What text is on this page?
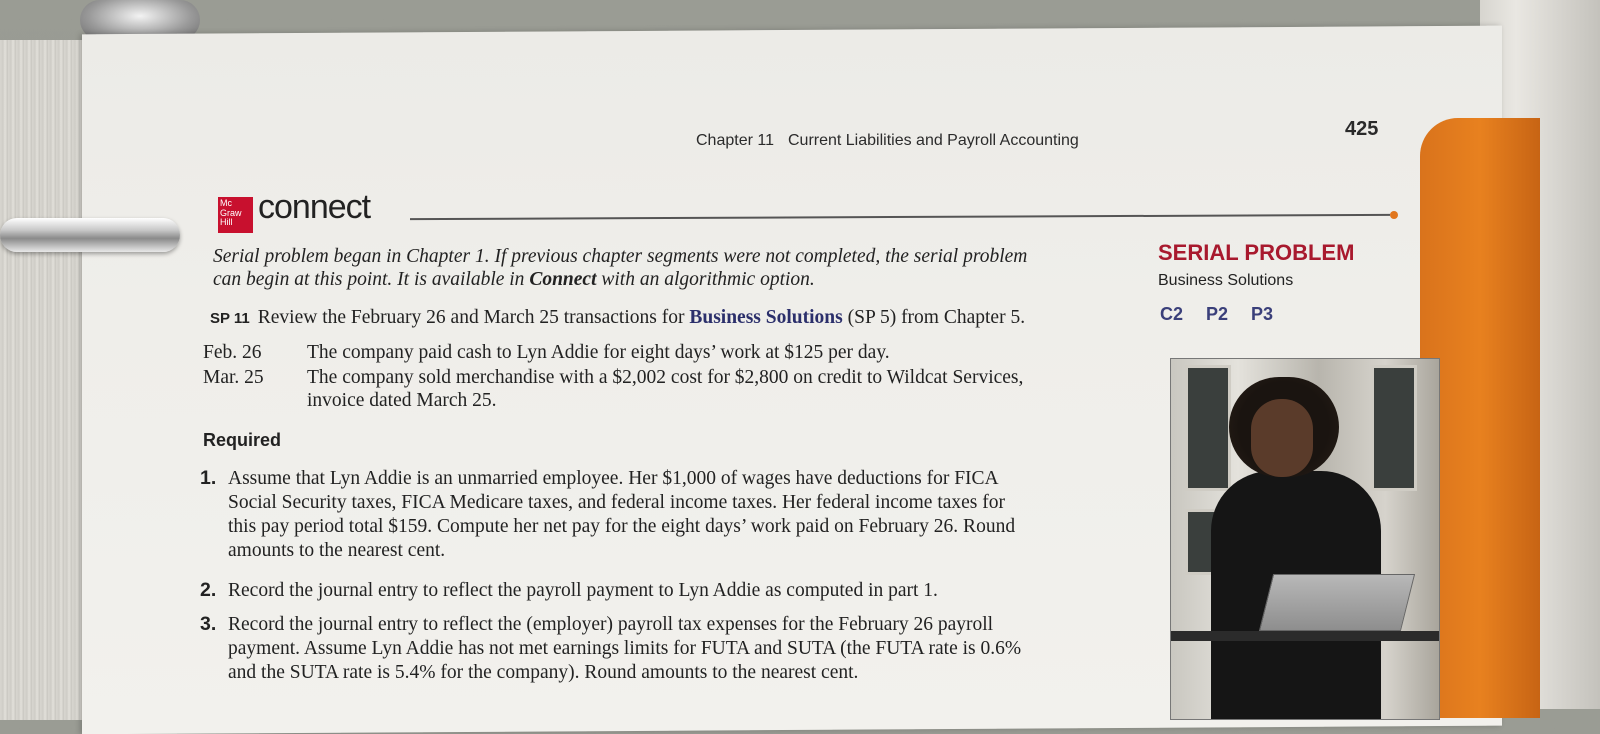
Chapter 11 Current Liabilities and Payroll Accounting
425
Mc
Graw
Hill connect
Serial problem began in Chapter 1. If previous chapter segments were not completed, the serial problem
can begin at this point. It is available in Connect with an algorithmic option.
SERIAL PROBLEM
Business Solutions
C2 P2 P3
SP 11 Review the February 26 and March 25 transactions for Business Solutions (SP 5) from Chapter 5.
Feb. 26 The company paid cash to Lyn Addie for eight days’ work at $125 per day.
Mar. 25 The company sold merchandise with a $2,002 cost for $2,800 on credit to Wildcat Services,
invoice dated March 25.
Required
1. Assume that Lyn Addie is an unmarried employee. Her $1,000 of wages have deductions for FICA
Social Security taxes, FICA Medicare taxes, and federal income taxes. Her federal income taxes for
this pay period total $159. Compute her net pay for the eight days’ work paid on February 26. Round
amounts to the nearest cent.
2. Record the journal entry to reflect the payroll payment to Lyn Addie as computed in part 1.
3. Record the journal entry to reflect the (employer) payroll tax expenses for the February 26 payroll
payment. Assume Lyn Addie has not met earnings limits for FUTA and SUTA (the FUTA rate is 0.6%
and the SUTA rate is 5.4% for the company). Round amounts to the nearest cent.
